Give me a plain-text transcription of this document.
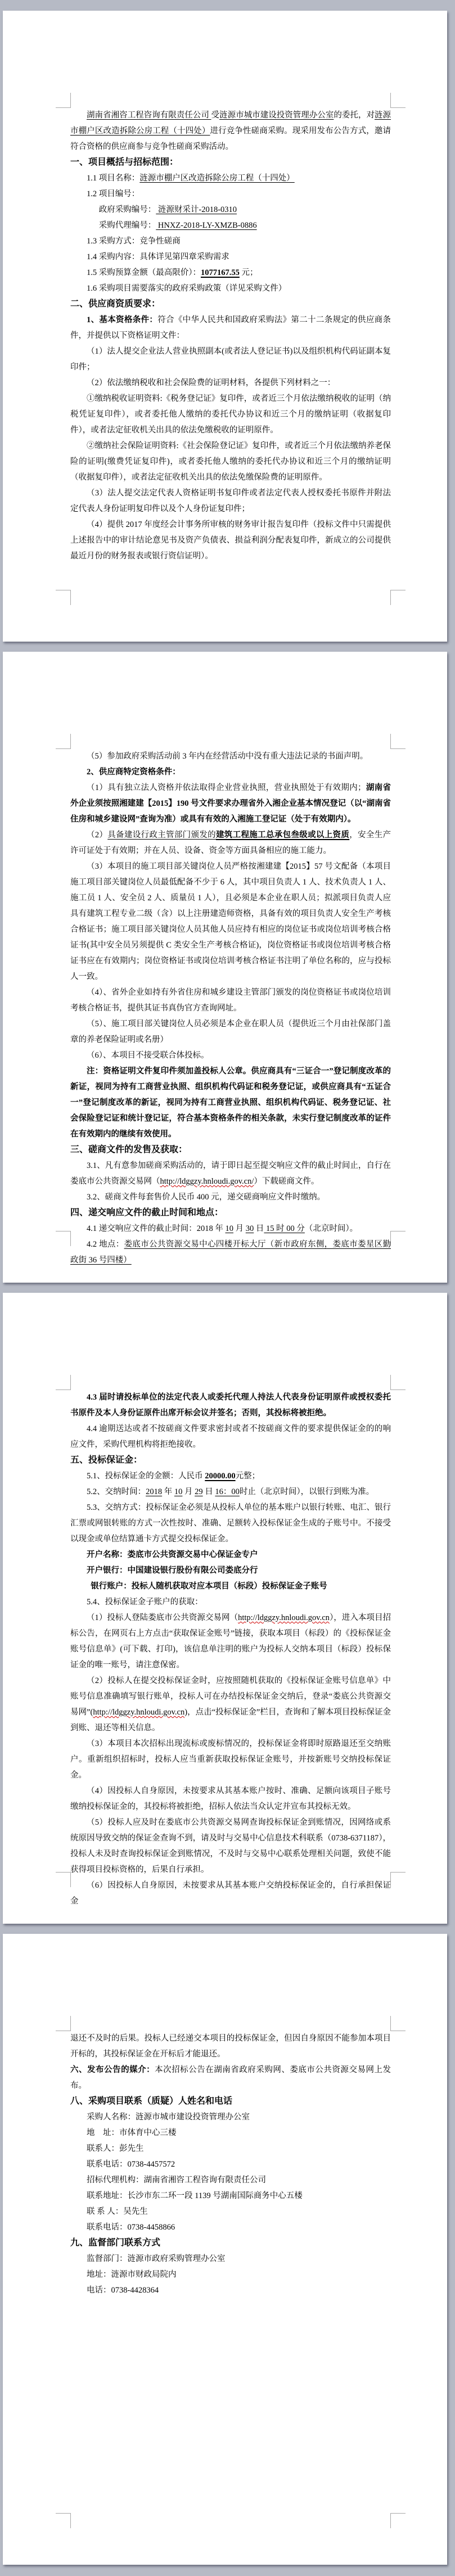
湖南省湘咨工程咨询有限责任公司 受涟源市城市建设投资管理办公室的委托，对涟源市棚户区改造拆除公房工程（十四处）进行竞争性磋商采购。现采用发布公告方式，邀请符合资格的供应商参与竞争性磋商采购活动。
一、项目概括与招标范围：
1.1 项目名称：涟源市棚户区改造拆除公房工程（十四处）
1.2 项目编号：
政府采购编号： 涟源财采计-2018-0310
采购代理编号： HNXZ-2018-LY-XMZB-0886
1.3 采购方式：竞争性磋商
1.4 采购内容：具体详见第四章采购需求
1.5 采购预算金额（最高限价）：1077167.55 元；
1.6 采购项目需要落实的政府采购政策（详见采购文件）
二、供应商资质要求：
1、基本资格条件：符合《中华人民共和国政府采购法》第二十二条规定的供应商条件，并提供以下资格证明文件：
（1）法人提交企业法人营业执照副本(或者法人登记证书)以及组织机构代码证副本复印件；
（2）依法缴纳税收和社会保险费的证明材料，各提供下列材料之一：
①缴纳税收证明资料:《税务登记证》复印件，或者近三个月依法缴纳税收的证明（纳税凭证复印件），或者委托他人缴纳的委托代办协议和近三个月的缴纳证明（收据复印件），或者法定征收机关出具的依法免缴税收的证明原件。
②缴纳社会保险证明资料:《社会保险登记证》复印件，或者近三个月依法缴纳养老保险的证明(缴费凭证复印件)，或者委托他人缴纳的委托代办协议和近三个月的缴纳证明（收据复印件），或者法定征收机关出具的依法免缴保险费的证明原件。
（3）法人提交法定代表人资格证明书复印件或者法定代表人授权委托书原件并附法定代表人身份证明复印件以及个人身份证复印件；
（4）提供 2017 年度经会计事务所审核的财务审计报告复印件（投标文件中只需提供上述报告中的审计结论意见书及资产负债表、损益利润分配表复印件，新成立的公司提供最近月份的财务报表或银行资信证明）。
（5）参加政府采购活动前 3 年内在经营活动中没有重大违法记录的书面声明。
2、供应商特定资格条件：
（1）具有独立法人资格并依法取得企业营业执照，营业执照处于有效期内；湖南省外企业须按照湘建建【2015】190 号文件要求办理省外入湘企业基本情况登记（以“湖南省住房和城乡建设网”查询为准）或具有有效的入湘施工登记证（处于有效期内）。
（2）具备建设行政主管部门颁发的建筑工程施工总承包叁级或以上资质，安全生产许可证处于有效期；并在人员、设备、资金等方面具备相应的施工能力。
（3）本项目的施工项目部关键岗位人员严格按湘建建【2015】57 号文配备（本项目施工项目部关键岗位人员最低配备不少于 6 人，其中项目负责人 1 人、技术负责人 1 人、施工员 1 人、安全员 2 人、质量员 1 人），且必须是本企业在职人员；拟派项目负责人应具有建筑工程专业二级（含）以上注册建造师资格，具备有效的项目负责人安全生产考核合格证书；施工项目部关键岗位人员其他人员应持有相应的岗位证书或岗位培训考核合格证书(其中安全员另须提供 C 类安全生产考核合格证)，岗位资格证书或岗位培训考核合格证书应在有效期内；岗位资格证书或岗位培训考核合格证书注明了单位名称的，应与投标人一致。
（4）、省外企业如持有外省住房和城乡建设主管部门颁发的岗位资格证书或岗位培训考核合格证书，提供其证书真伪官方查询网址。
（5）、施工项目部关键岗位人员必须是本企业在职人员（提供近三个月由社保部门盖章的养老保险证明或名册）
（6）、本项目不接受联合体投标。
注：资格证明文件复印件须加盖投标人公章。供应商具有“三证合一”登记制度改革的新证，视同为持有工商营业执照、组织机构代码证和税务登记证，或供应商具有“五证合一”登记制度改革的新证，视同为持有工商营业执照、组织机构代码证、税务登记证、社会保险登记证和统计登记证，符合基本资格条件的相关条款，未实行登记制度改革的证件在有效期内的继续有效使用。
三、磋商文件的发售及获取：
3.1、凡有意参加磋商采购活动的，请于即日起至提交响应文件的截止时间止，自行在娄底市公共资源交易网（http://ldggzy.hnloudi.gov.cn/）下载磋商文件。
3.2、磋商文件每套售价人民币 400 元，递交磋商响应文件时缴纳。
四、递交响应文件的截止时间和地点：
4.1 递交响应文件的截止时间：2018 年 10 月 30 日 15 时 00 分（北京时间）。
4.2 地点：娄底市公共资源交易中心四楼开标大厅（新市政府东侧，娄底市娄星区勤政街 36 号四楼）
4.3 届时请投标单位的法定代表人或委托代理人持法人代表身份证明原件或授权委托书原件及本人身份证原件出席开标会议并签名；否则，其投标将被拒绝。
4.4 逾期送达或者不按磋商文件要求密封或者不按磋商文件的要求提供保证金的的响应文件，采购代理机构将拒绝接收。
五、投标保证金：
5.1、投标保证金的金额：人民币 20000.00元整；
5.2、交纳时间：2018 年 10 月 29 日 16：00时止（北京时间），以银行到账为准。
5.3、交纳方式：投标保证金必须是从投标人单位的基本账户以银行转账、电汇、银行汇票或网银转账的方式一次性按时、准确、足额转入投标保证金生成的子账号中。不接受以现金或单位结算通卡方式提交投标保证金。
开户名称：娄底市公共资源交易中心保证金专户
开户银行：中国建设银行股份有限公司娄底分行
银行账户：投标人随机获取对应本项目（标段）投标保证金子账号
5.4、投标保证金子账户的获取：
（1）投标人登陆娄底市公共资源交易网（http://ldggzy.hnloudi.gov.cn），进入本项目招标公告，在网页右上方点击“获取保证金账号”链接，获取本项目（标段）的《投标保证金账号信息单》(可下载、打印)，该信息单注明的账户为投标人交纳本项目（标段）投标保证金的唯一账号，请注意保密。
（2）投标人在提交投标保证金时，应按照随机获取的《投标保证金账号信息单》中账号信息准确填写银行账单，投标人可在办结投标保证金交纳后，登录“娄底公共资源交易网”(http://ldggzy.hnloudi.gov.cn)，点击“投标保证金”栏目，查询和了解本项目投标保证金到账、退还等相关信息。
（3）本项目本次招标出现流标或废标情况的，投标保证金将即时原路退还至交纳账户。重新组织招标时，投标人应当重新获取投标保证金账号，并按新账号交纳投标保证金。
（4）因投标人自身原因，未按要求从其基本账户按时、准确、足额向该项目子账号缴纳投标保证金的，其投标将被拒绝，招标人依法当众认定并宣布其投标无效。
（5）投标人应及时在娄底市公共资源交易网查询投标保证金到账情况，因网络或系统原因导致交纳的保证金查询不到，请及时与交易中心信息技术科联系（0738-6371187），投标人未及时查询投标保证金到账情况，不及时与交易中心联系处理相关问题，致使不能获得项目投标资格的，后果自行承担。
（6）因投标人自身原因，未按要求从其基本账户交纳投标保证金的，自行承担保证金
退还不及时的后果。投标人已经递交本项目的投标保证金，但因自身原因不能参加本项目开标的，其投标保证金在开标后才能退还。
六、发布公告的媒介：本次招标公告在湖南省政府采购网、娄底市公共资源交易网上发布。
八、采购项目联系（质疑）人姓名和电话
采购人名称：涟源市城市建设投资管理办公室
地　址：市体育中心三楼
联系人：彭先生
联系电话：0738-4457572
招标代理机构：湖南省湘咨工程咨询有限责任公司
联系地址：长沙市东二环一段 1139 号湖南国际商务中心五楼
联 系 人：吴先生
联系电话：0738-4458866
九、监督部门联系方式
监督部门：涟源市政府采购管理办公室
地址：涟源市财政局院内
电话：0738-4428364
